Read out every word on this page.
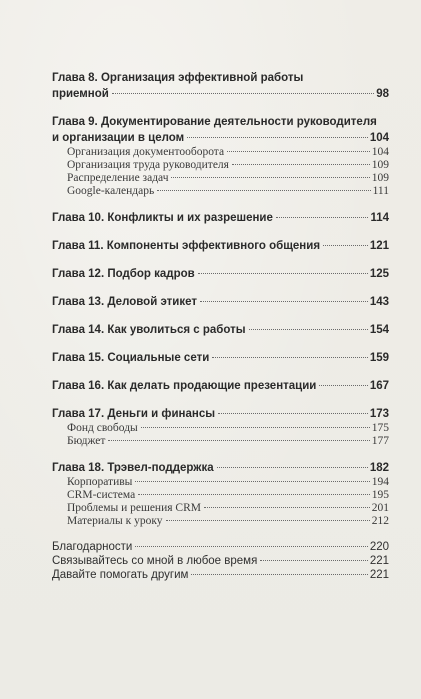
Глава 8. Организация эффективной работы
приемной	98
Глава 9. Документирование деятельности руководителя
и организации в целом	104
Организация документооборота	104
Организация труда руководителя	109
Распределение задач	109
Google-календарь	111
Глава 10. Конфликты и их разрешение	114
Глава 11. Компоненты эффективного общения	121
Глава 12. Подбор кадров	125
Глава 13. Деловой этикет	143
Глава 14. Как уволиться с работы	154
Глава 15. Социальные сети	159
Глава 16. Как делать продающие презентации	167
Глава 17. Деньги и финансы	173
Фонд свободы	175
Бюджет	177
Глава 18. Трэвел-поддержка	182
Корпоративы	194
CRM-система	195
Проблемы и решения CRM	201
Материалы к уроку	212
Благодарности	220
Связывайтесь со мной в любое время	221
Давайте помогать другим	221
